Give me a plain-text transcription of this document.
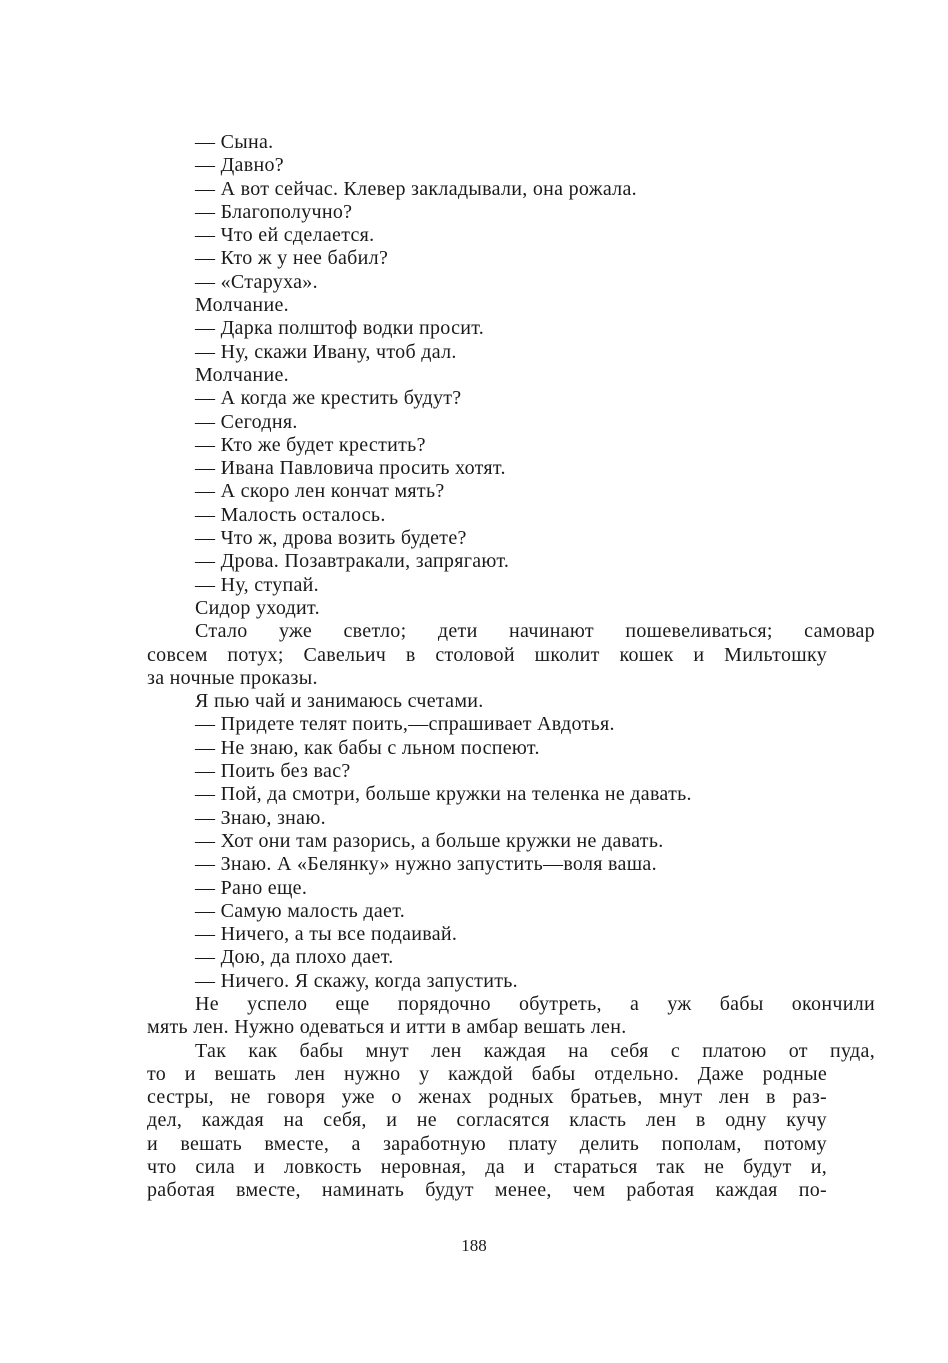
— Сына.
— Давно?
— А вот сейчас. Клевер закладывали, она рожала.
— Благополучно?
— Что ей сделается.
— Кто ж у нее бабил?
— «Старуха».
Молчание.
— Дарка полштоф водки просит.
— Ну, скажи Ивану, чтоб дал.
Молчание.
— А когда же крестить будут?
— Сегодня.
— Кто же будет крестить?
— Ивана Павловича просить хотят.
— А скоро лен кончат мять?
— Малость осталось.
— Что ж, дрова возить будете?
— Дрова. Позавтракали, запрягают.
— Ну, ступай.
Сидор уходит.
Стало уже светло; дети начинают пошевеливаться; самовар
совсем потух; Савельич в столовой школит кошек и Мильтошку
за ночные проказы.
Я пью чай и занимаюсь счетами.
— Придете телят поить,—спрашивает Авдотья.
— Не знаю, как бабы с льном поспеют.
— Поить без вас?
— Пой, да смотри, больше кружки на теленка не давать.
— Знаю, знаю.
— Хот они там разорись, а больше кружки не давать.
— Знаю. А «Белянку» нужно запустить—воля ваша.
— Рано еще.
— Самую малость дает.
— Ничего, а ты все подаивай.
— Дою, да плохо дает.
— Ничего. Я скажу, когда запустить.
Не успело еще порядочно обутреть, а уж бабы окончили
мять лен. Нужно одеваться и итти в амбар вешать лен.
Так как бабы мнут лен каждая на себя с платою от пуда,
то и вешать лен нужно у каждой бабы отдельно. Даже родные
сестры, не говоря уже о женах родных братьев, мнут лен в раз-
дел, каждая на себя, и не согласятся класть лен в одну кучу
и вешать вместе, а заработную плату делить пополам, потому
что сила и ловкость неровная, да и стараться так не будут и,
работая вместе, наминать будут менее, чем работая каждая по-
188
